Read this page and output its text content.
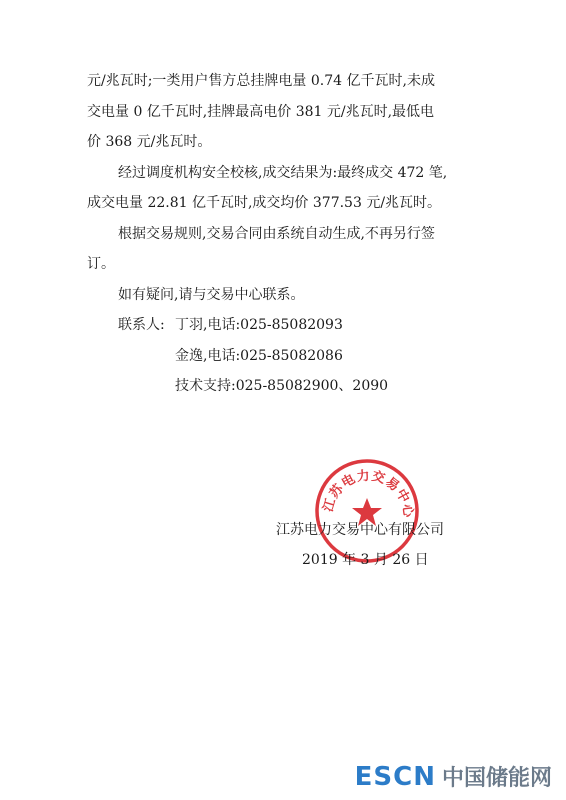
元/兆瓦时;一类用户售方总挂牌电量 0.74 亿千瓦时,未成
交电量 0 亿千瓦时,挂牌最高电价 381 元/兆瓦时,最低电
价 368 元/兆瓦时。
经过调度机构安全校核,成交结果为:最终成交 472 笔,
成交电量 22.81 亿千瓦时,成交均价 377.53 元/兆瓦时。
根据交易规则,交易合同由系统自动生成,不再另行签
订。
如有疑问,请与交易中心联系。
联系人: 丁羽,电话:025-85082093
金逸,电话:025-85082086
技术支持:025-85082900、2090
江苏电力交易中心
江苏电力交易中心有限公司
2019 年 3 月 26 日
ESCN 中国储能网
